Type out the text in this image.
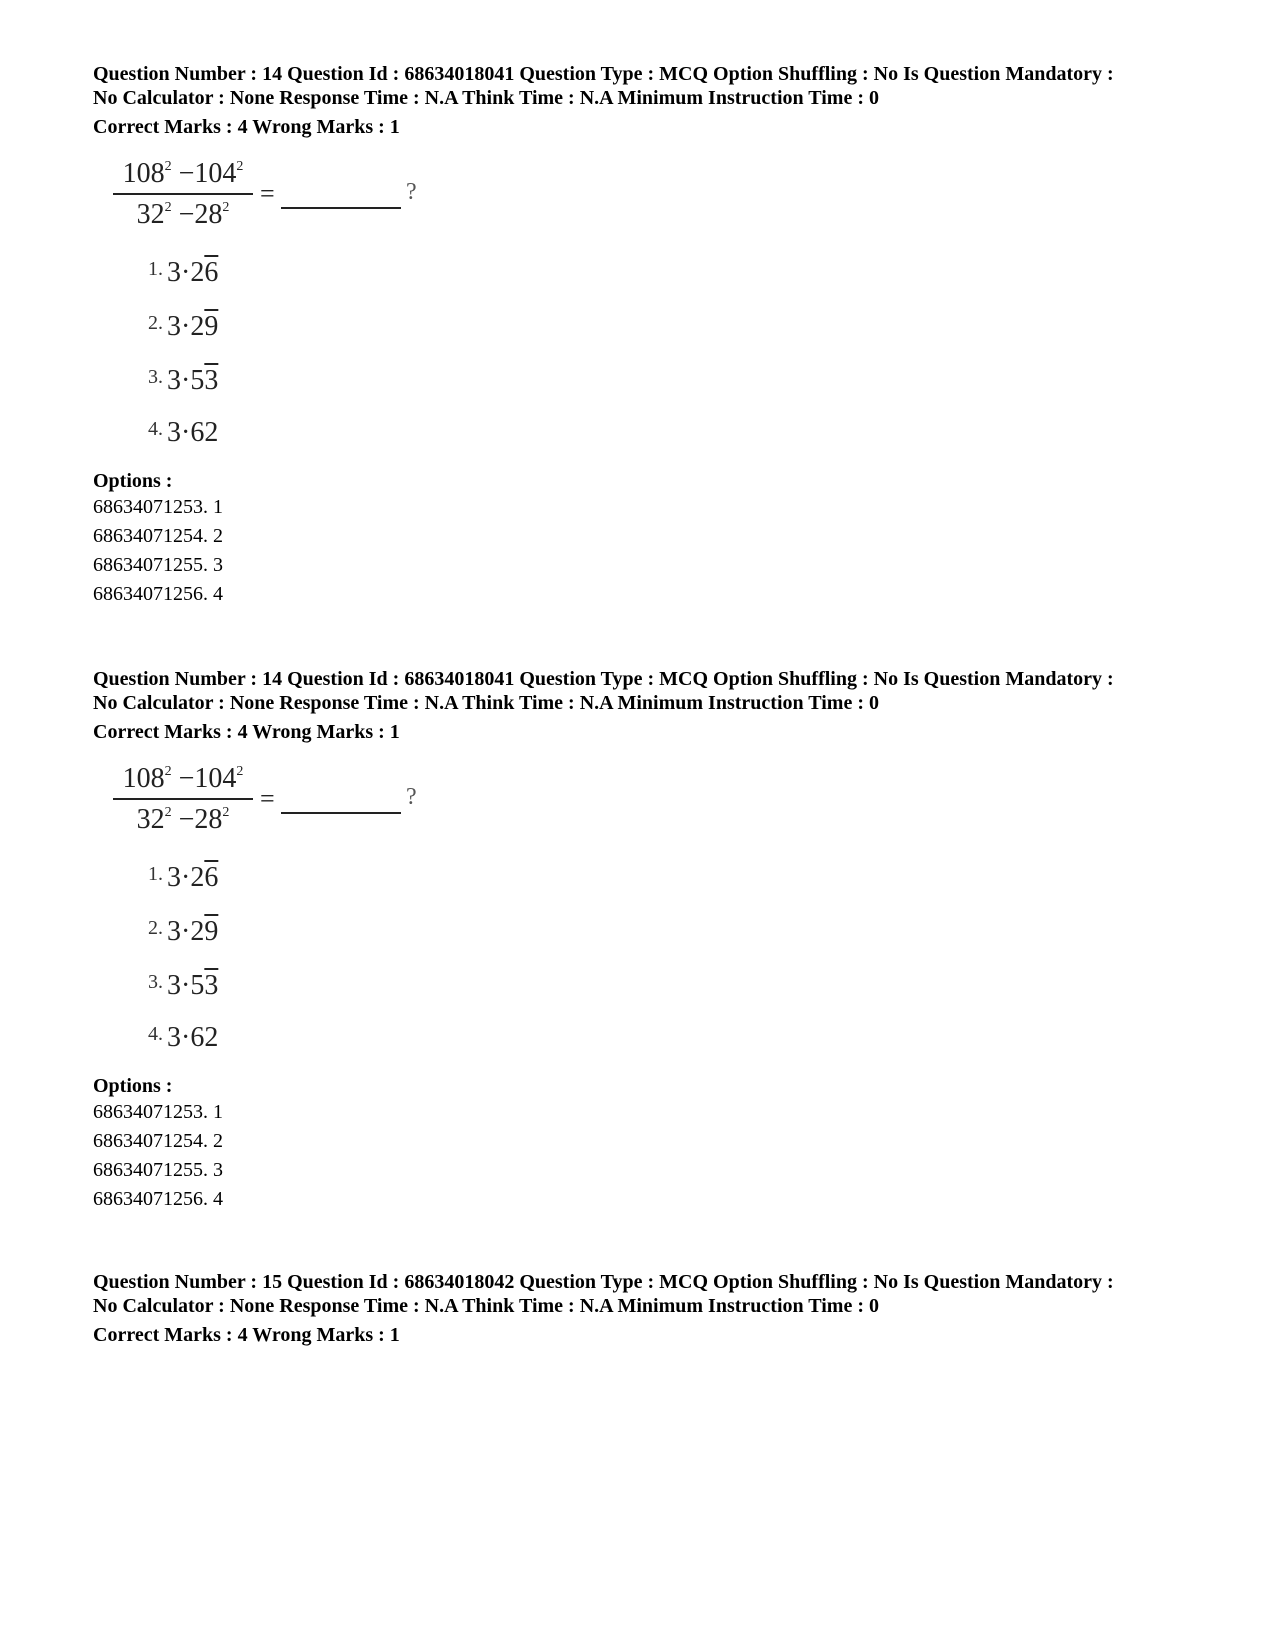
Question Number : 14 Question Id : 68634018041 Question Type : MCQ Option Shuffling : No Is Question Mandatory :
No Calculator : None Response Time : N.A Think Time : N.A Minimum Instruction Time : 0
Correct Marks : 4 Wrong Marks : 1
$108^2 -104^2$
$32^2 -28^2$	=	?
$^{1.}$ 3·26
$^{2.}$ 3·29
$^{3.}$ 3·53
$^{4.}$ 3·62
Options :
68634071253. 1
68634071254. 2
68634071255. 3
68634071256. 4
Question Number : 14 Question Id : 68634018041 Question Type : MCQ Option Shuffling : No Is Question Mandatory :
No Calculator : None Response Time : N.A Think Time : N.A Minimum Instruction Time : 0
Correct Marks : 4 Wrong Marks : 1
$108^2 -104^2$
$32^2 -28^2$	=	?
$^{1.}$ 3·26
$^{2.}$ 3·29
$^{3.}$ 3·53
$^{4.}$ 3·62
Options :
68634071253. 1
68634071254. 2
68634071255. 3
68634071256. 4
Question Number : 15 Question Id : 68634018042 Question Type : MCQ Option Shuffling : No Is Question Mandatory :
No Calculator : None Response Time : N.A Think Time : N.A Minimum Instruction Time : 0
Correct Marks : 4 Wrong Marks : 1
